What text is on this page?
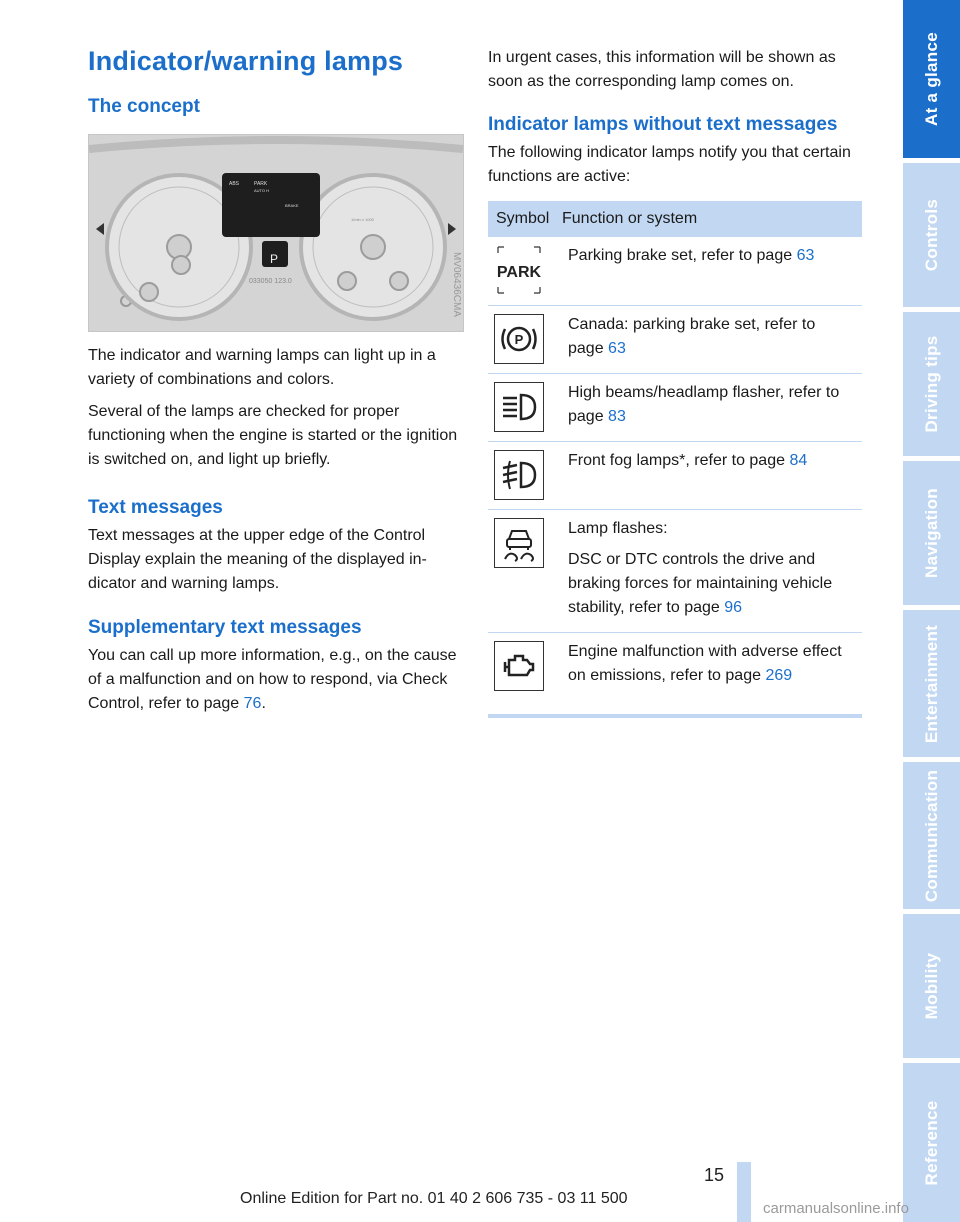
Indicator/warning lamps
The concept
ABS	PARK
AUTO H
BRAKE
P
033050 123.0
1/min x 1000

The indicator and warning lamps can light up in a variety of combinations and colors.

Several of the lamps are checked for proper functioning when the engine is started or the ignition is switched on, and light up briefly.

Text messages

Text messages at the upper edge of the Control Display explain the meaning of the displayed indicator and warning lamps.

Supplementary text messages

You can call up more information, e.g., on the cause of a malfunction and on how to respond, via Check Control, refer to page 76.

MV06436CMA

In urgent cases, this information will be shown as soon as the corresponding lamp comes on.

Indicator lamps without text messages

The following indicator lamps notify you that certain functions are active:

Symbol	Function or system

PARK	Parking brake set, refer to page 63

P	Canada: parking brake set, refer to page 63

	High beams/headlamp flasher, refer to page 83

	Front fog lamps*, refer to page 84

Lamp flashes:

DSC or DTC controls the drive and braking forces for maintaining vehicle stability, refer to page 96

	Engine malfunction with adverse effect on emissions, refer to page 269
At a glance
Controls
Driving tips
Navigation
Entertainment
Communication
Mobility
Reference
15
Online Edition for Part no. 01 40 2 606 735 - 03 11 500
carmanualsonline.info
